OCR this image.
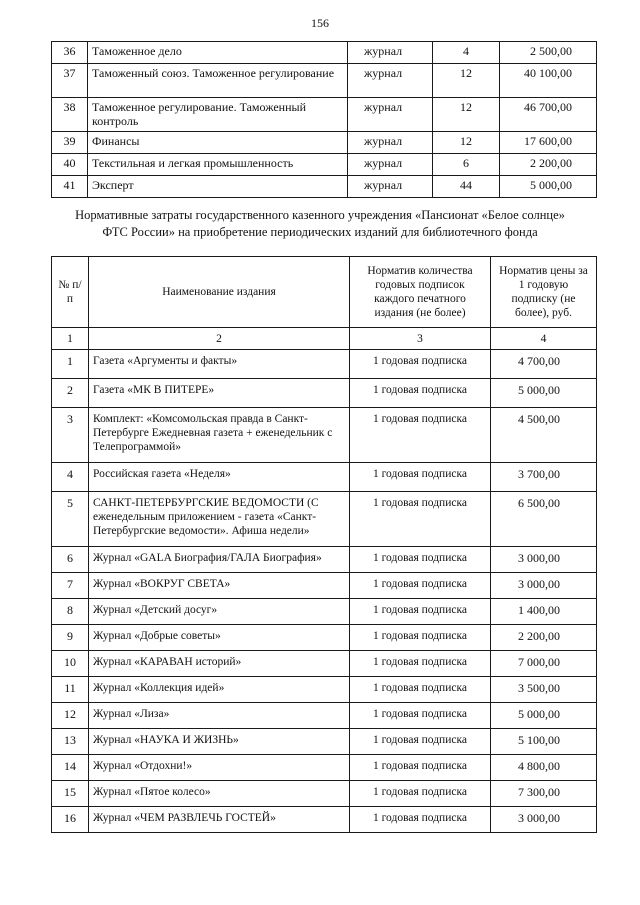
156
36	Таможенное дело	журнал	4	2 500,00
37	Таможенный союз. Таможенное регулирование	журнал	12	40 100,00
38	Таможенное регулирование. Таможенный контроль	журнал	12	46 700,00
39	Финансы	журнал	12	17 600,00
40	Текстильная и легкая промышленность	журнал	6	2 200,00
41	Эксперт	журнал	44	5 000,00
Нормативные затраты государственного казенного учреждения «Пансионат «Белое солнце»
ФТС России» на приобретение периодических изданий для библиотечного фонда
№ п/п	Наименование издания	Норматив количества годовых подписок каждого печатного издания (не более)	Норматив цены за 1 годовую подписку (не более), руб.
1	2	3	4
1	Газета «Аргументы и факты»	1 годовая подписка	4 700,00
2	Газета «МК В ПИТЕРЕ»	1 годовая подписка	5 000,00
3	Комплект: «Комсомольская правда в Санкт-Петербурге Ежедневная газета + еженедельник с Телепрограммой»	1 годовая подписка	4 500,00
4	Российская газета «Неделя»	1 годовая подписка	3 700,00
5	САНКТ-ПЕТЕРБУРГСКИЕ ВЕДОМОСТИ (С еженедельным приложением - газета «Санкт-Петербургские ведомости». Афиша недели»	1 годовая подписка	6 500,00
6	Журнал «GALA Биография/ГАЛА Биография»	1 годовая подписка	3 000,00
7	Журнал «ВОКРУГ СВЕТА»	1 годовая подписка	3 000,00
8	Журнал «Детский досуг»	1 годовая подписка	1 400,00
9	Журнал «Добрые советы»	1 годовая подписка	2 200,00
10	Журнал «КАРАВАН историй»	1 годовая подписка	7 000,00
11	Журнал «Коллекция идей»	1 годовая подписка	3 500,00
12	Журнал «Лиза»	1 годовая подписка	5 000,00
13	Журнал «НАУКА И ЖИЗНЬ»	1 годовая подписка	5 100,00
14	Журнал «Отдохни!»	1 годовая подписка	4 800,00
15	Журнал «Пятое колесо»	1 годовая подписка	7 300,00
16	Журнал «ЧЕМ РАЗВЛЕЧЬ ГОСТЕЙ»	1 годовая подписка	3 000,00
